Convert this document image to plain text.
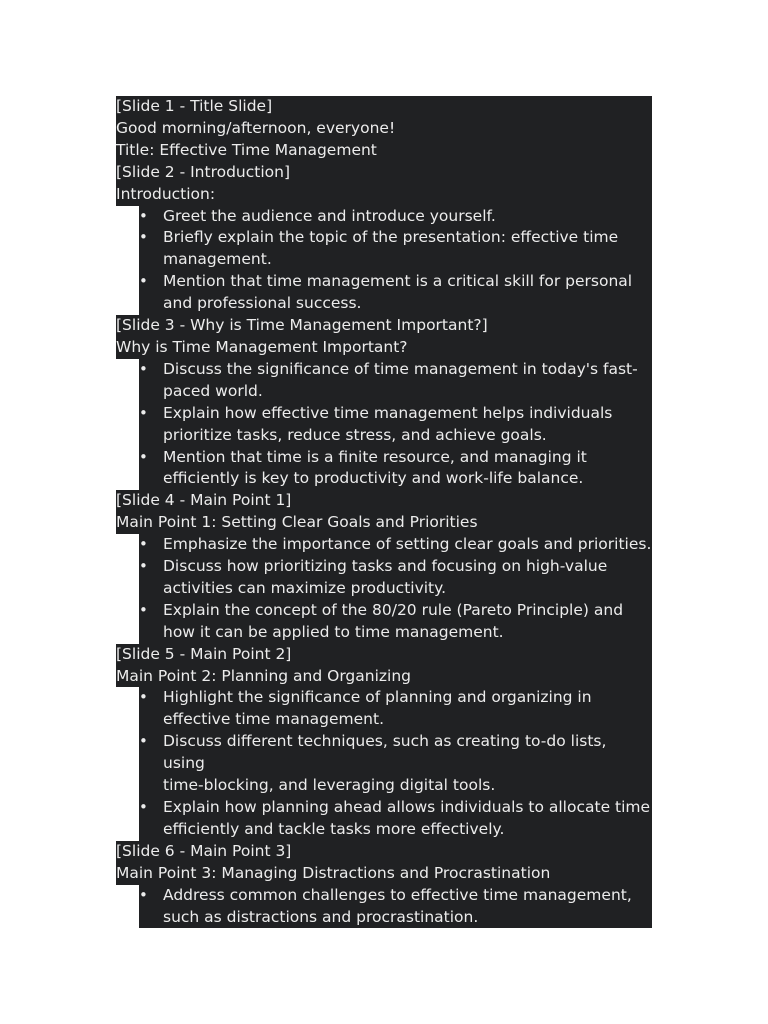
[Slide 1 - Title Slide]
Good morning/afternoon, everyone!
Title: Effective Time Management
[Slide 2 - Introduction]
Introduction:
• Greet the audience and introduce yourself.
• Briefly explain the topic of the presentation: effective time
management.
• Mention that time management is a critical skill for personal
and professional success.
[Slide 3 - Why is Time Management Important?]
Why is Time Management Important?
• Discuss the significance of time management in today's fast-
paced world.
• Explain how effective time management helps individuals
prioritize tasks, reduce stress, and achieve goals.
• Mention that time is a finite resource, and managing it
efficiently is key to productivity and work-life balance.
[Slide 4 - Main Point 1]
Main Point 1: Setting Clear Goals and Priorities
• Emphasize the importance of setting clear goals and priorities.
• Discuss how prioritizing tasks and focusing on high-value
activities can maximize productivity.
• Explain the concept of the 80/20 rule (Pareto Principle) and
how it can be applied to time management.
[Slide 5 - Main Point 2]
Main Point 2: Planning and Organizing
• Highlight the significance of planning and organizing in
effective time management.
• Discuss different techniques, such as creating to-do lists, using
time-blocking, and leveraging digital tools.
• Explain how planning ahead allows individuals to allocate time
efficiently and tackle tasks more effectively.
[Slide 6 - Main Point 3]
Main Point 3: Managing Distractions and Procrastination
• Address common challenges to effective time management,
such as distractions and procrastination.
